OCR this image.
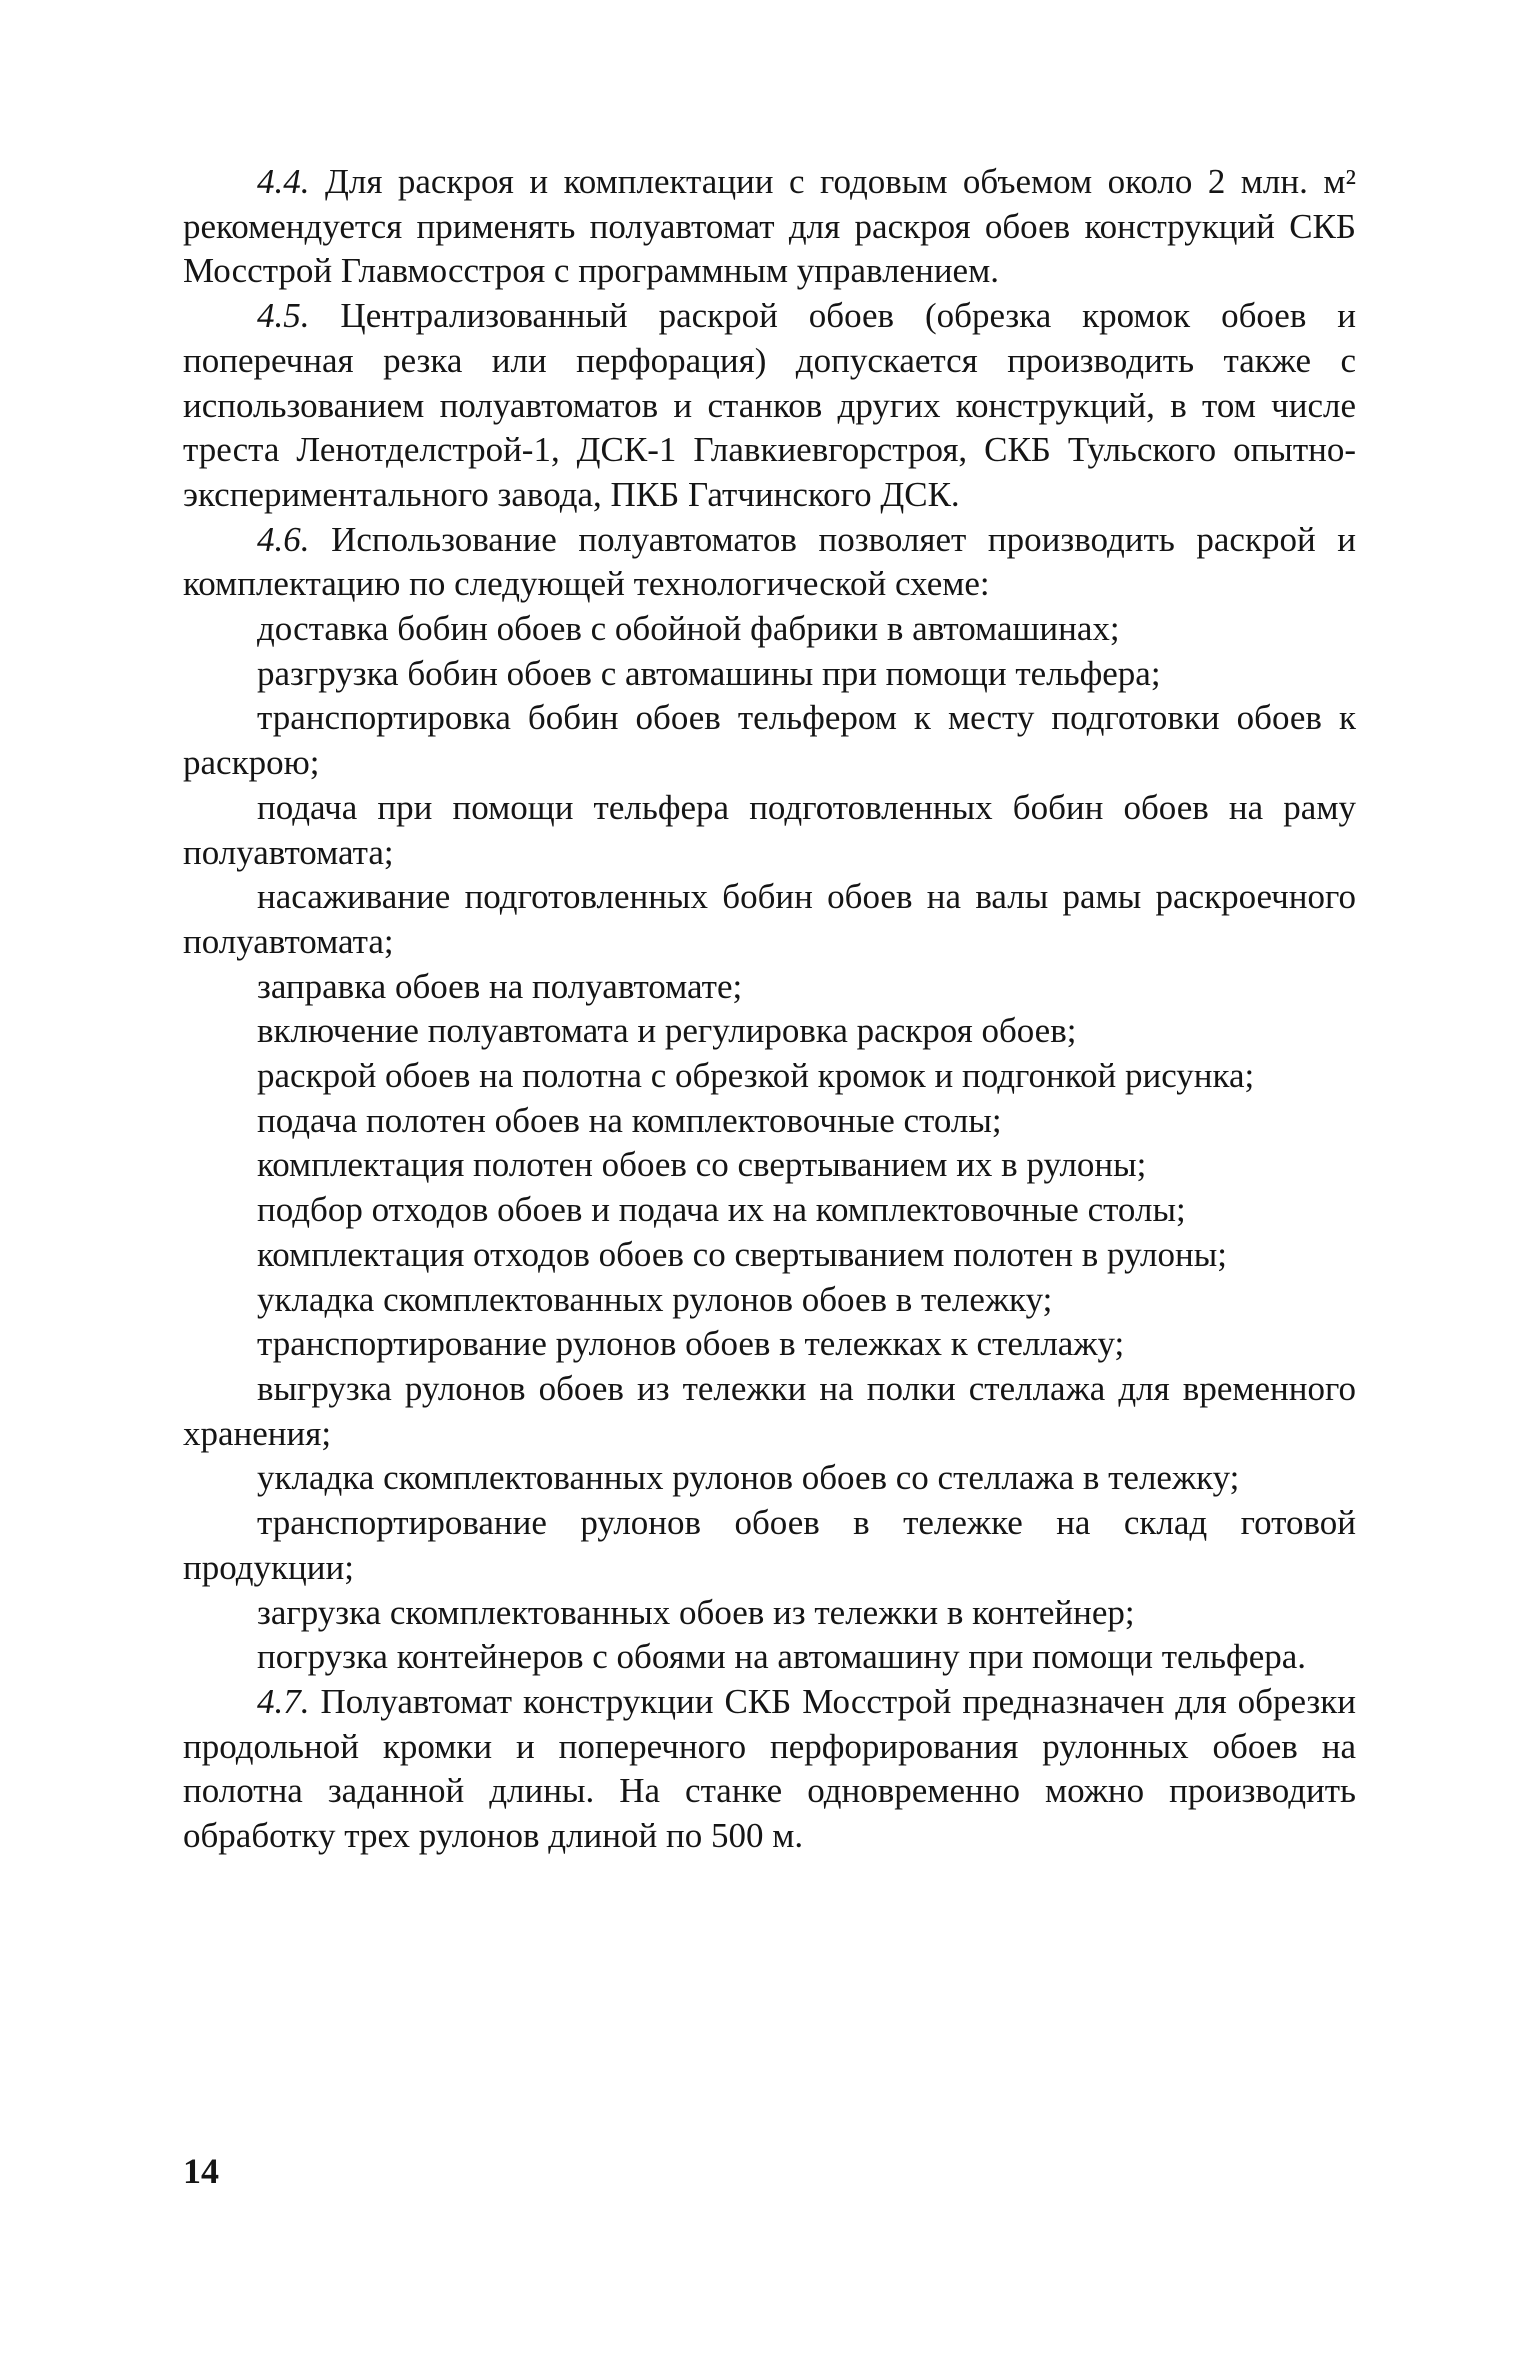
4.4. Для раскроя и комплектации с годовым объемом около 2 млн. м² рекомендуется применять полуавтомат для раскроя обоев конструкций СКБ Мосстрой Главмосстроя с программным управлением.

4.5. Централизованный раскрой обоев (обрезка кромок обоев и поперечная резка или перфорация) допускается производить также с использованием полуавтоматов и станков других конструкций, в том числе треста Ленотделстрой-1, ДСК-1 Главкиевгорстроя, СКБ Тульского опытно-экспериментального завода, ПКБ Гатчинского ДСК.

4.6. Использование полуавтоматов позволяет производить раскрой и комплектацию по следующей технологической схеме:

доставка бобин обоев с обойной фабрики в автомашинах;

разгрузка бобин обоев с автомашины при помощи тельфера;

транспортировка бобин обоев тельфером к месту подготовки обоев к раскрою;

подача при помощи тельфера подготовленных бобин обоев на раму полуавтомата;

насаживание подготовленных бобин обоев на валы рамы раскроечного полуавтомата;

заправка обоев на полуавтомате;

включение полуавтомата и регулировка раскроя обоев;

раскрой обоев на полотна с обрезкой кромок и подгонкой рисунка;

подача полотен обоев на комплектовочные столы;

комплектация полотен обоев со свертыванием их в рулоны;

подбор отходов обоев и подача их на комплектовочные столы;

комплектация отходов обоев со свертыванием полотен в рулоны;

укладка скомплектованных рулонов обоев в тележку;

транспортирование рулонов обоев в тележках к стеллажу;

выгрузка рулонов обоев из тележки на полки стеллажа для временного хранения;

укладка скомплектованных рулонов обоев со стеллажа в тележку;

транспортирование рулонов обоев в тележке на склад готовой продукции;

загрузка скомплектованных обоев из тележки в контейнер;

погрузка контейнеров с обоями на автомашину при помощи тельфера.

4.7. Полуавтомат конструкции СКБ Мосстрой предназначен для обрезки продольной кромки и поперечного перфорирования рулонных обоев на полотна заданной длины. На станке одновременно можно производить обработку трех рулонов длиной по 500 м.

14
